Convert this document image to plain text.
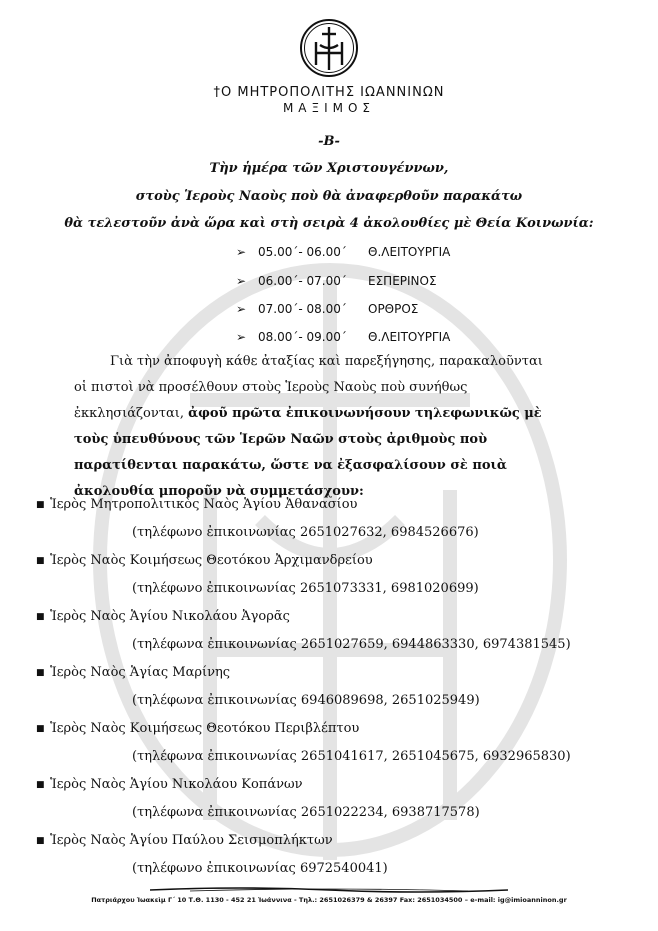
†Ο ΜΗΤΡΟΠΟΛΙΤΗΣ ΙΩΑΝΝΙΝΩΝ
ΜΑΞΙΜΟΣ
-Β-
Τὴν ἡμέρα τῶν Χριστουγέννων,
στοὺς Ἱεροὺς Ναοὺς ποὺ θὰ ἀναφερθοῦν παρακάτω
θὰ τελεστοῦν ἀνὰ ὥρα καὶ στὴ σειρὰ 4 ἀκολουθίες μὲ Θεία Κοινωνία:
➢ 05.00΄- 06.00΄ Θ.ΛΕΙΤΟΥΡΓΙΑ
➢ 06.00΄- 07.00΄ ΕΣΠΕΡΙΝΟΣ
➢ 07.00΄- 08.00΄ ΟΡΘΡΟΣ
➢ 08.00΄- 09.00΄ Θ.ΛΕΙΤΟΥΡΓΙΑ
Γιὰ τὴν ἀποφυγὴ κάθε ἀταξίας καὶ παρεξήγησης, παρακαλοῦνται οἱ πιστοὶ νὰ προσέλθουν στοὺς Ἱεροὺς Ναοὺς ποὺ συνήθως ἐκκλησιάζονται, ἀφοῦ πρῶτα ἐπικοινωνήσουν τηλεφωνικῶς μὲ τοὺς ὑπευθύνους τῶν Ἱερῶν Ναῶν στοὺς ἀριθμοὺς ποὺ παρατίθενται παρακάτω, ὥστε να ἐξασφαλίσουν σὲ ποιὰ ἀκολουθία μποροῦν νὰ συμμετάσχουν:
■ Ἱερὸς Μητροπολιτικὸς Ναὸς Ἁγίου Ἀθανασίου
(τηλέφωνο ἐπικοινωνίας 2651027632, 6984526676)
■ Ἱερὸς Ναὸς Κοιμήσεως Θεοτόκου Ἀρχιμανδρείου
(τηλέφωνο ἐπικοινωνίας 2651073331, 6981020699)
■ Ἱερὸς Ναὸς Ἁγίου Νικολάου Ἀγορᾶς
(τηλέφωνα ἐπικοινωνίας 2651027659, 6944863330, 6974381545)
■ Ἱερὸς Ναὸς Ἁγίας Μαρίνης
(τηλέφωνα ἐπικοινωνίας 6946089698, 2651025949)
■ Ἱερὸς Ναὸς Κοιμήσεως Θεοτόκου Περιβλέπτου
(τηλέφωνα ἐπικοινωνίας 2651041617, 2651045675, 6932965830)
■ Ἱερὸς Ναὸς Ἁγίου Νικολάου Κοπάνων
(τηλέφωνα ἐπικοινωνίας 2651022234, 6938717578)
■ Ἱερὸς Ναὸς Ἁγίου Παύλου Σεισμοπλήκτων
(τηλέφωνο ἐπικοινωνίας 6972540041)
Πατριάρχου Ἰωακεὶμ Γ΄ 10 Τ.Θ. 1130 - 452 21 Ἰωάννινα - Τηλ.: 2651026379 & 26397 Fax: 2651034500 – e-mail: ig@imioanninon.gr
